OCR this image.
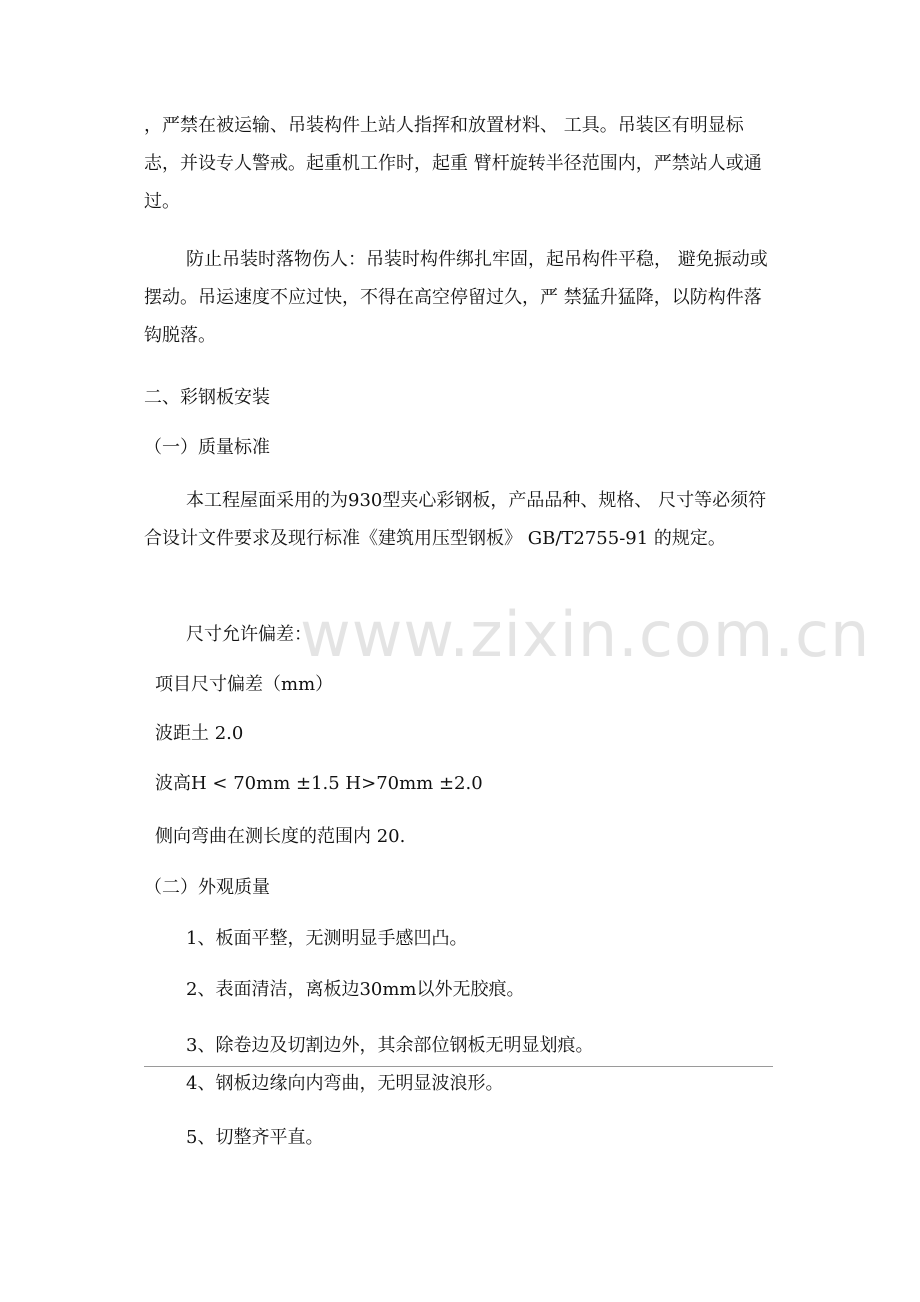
，严禁在被运输、吊装构件上站人指挥和放置材料、 工具。吊装区有明显标志，并设专人警戒。起重机工作时，起重 臂杆旋转半径范围内，严禁站人或通过。

防止吊装时落物伤人：吊装时构件绑扎牢固，起吊构件平稳， 避免振动或摆动。吊运速度不应过快，不得在高空停留过久，严 禁猛升猛降，以防构件落钩脱落。

二、彩钢板安装

（一）质量标准

本工程屋面采用的为930型夹心彩钢板，产品品种、规格、 尺寸等必须符合设计文件要求及现行标准《建筑用压型钢板》 GB/T2755-91 的规定。

尺寸允许偏差：

项目尺寸偏差（mm）

波距土 2.0

波高H < 70mm ±1.5 H>70mm ±2.0

侧向弯曲在测长度的范围内 20.

（二）外观质量

1、板面平整，无测明显手感凹凸。

2、表面清洁，离板边30mm以外无胶痕。

3、除卷边及切割边外，其余部位钢板无明显划痕。

4、钢板边缘向内弯曲，无明显波浪形。

5、切整齐平直。

www.zixin.com.cn
